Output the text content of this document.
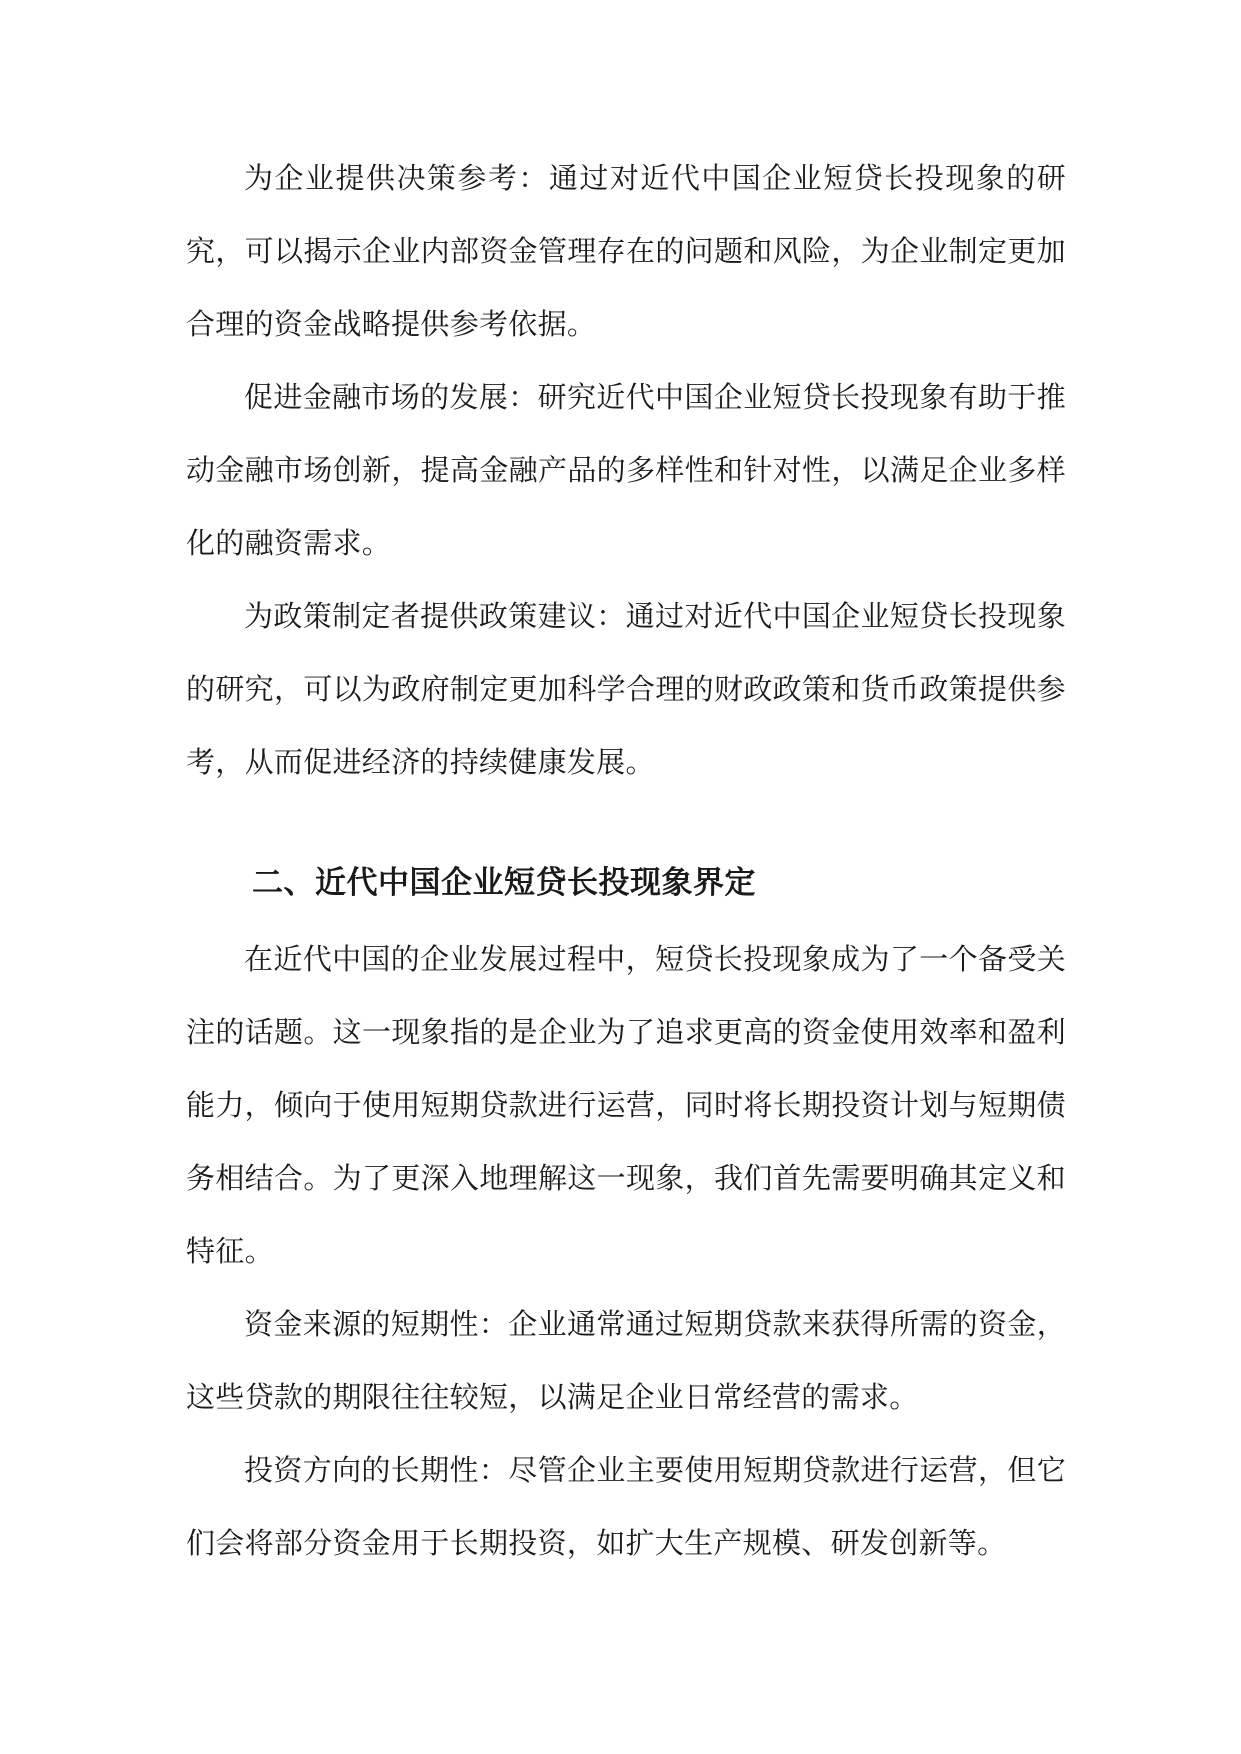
为企业提供决策参考：通过对近代中国企业短贷长投现象的研究，可以揭示企业内部资金管理存在的问题和风险，为企业制定更加合理的资金战略提供参考依据。

促进金融市场的发展：研究近代中国企业短贷长投现象有助于推动金融市场创新，提高金融产品的多样性和针对性，以满足企业多样化的融资需求。

为政策制定者提供政策建议：通过对近代中国企业短贷长投现象的研究，可以为政府制定更加科学合理的财政政策和货币政策提供参考，从而促进经济的持续健康发展。

二、近代中国企业短贷长投现象界定

在近代中国的企业发展过程中，短贷长投现象成为了一个备受关注的话题。这一现象指的是企业为了追求更高的资金使用效率和盈利能力，倾向于使用短期贷款进行运营，同时将长期投资计划与短期债务相结合。为了更深入地理解这一现象，我们首先需要明确其定义和特征。

资金来源的短期性：企业通常通过短期贷款来获得所需的资金，这些贷款的期限往往较短，以满足企业日常经营的需求。

投资方向的长期性：尽管企业主要使用短期贷款进行运营，但它们会将部分资金用于长期投资，如扩大生产规模、研发创新等。
